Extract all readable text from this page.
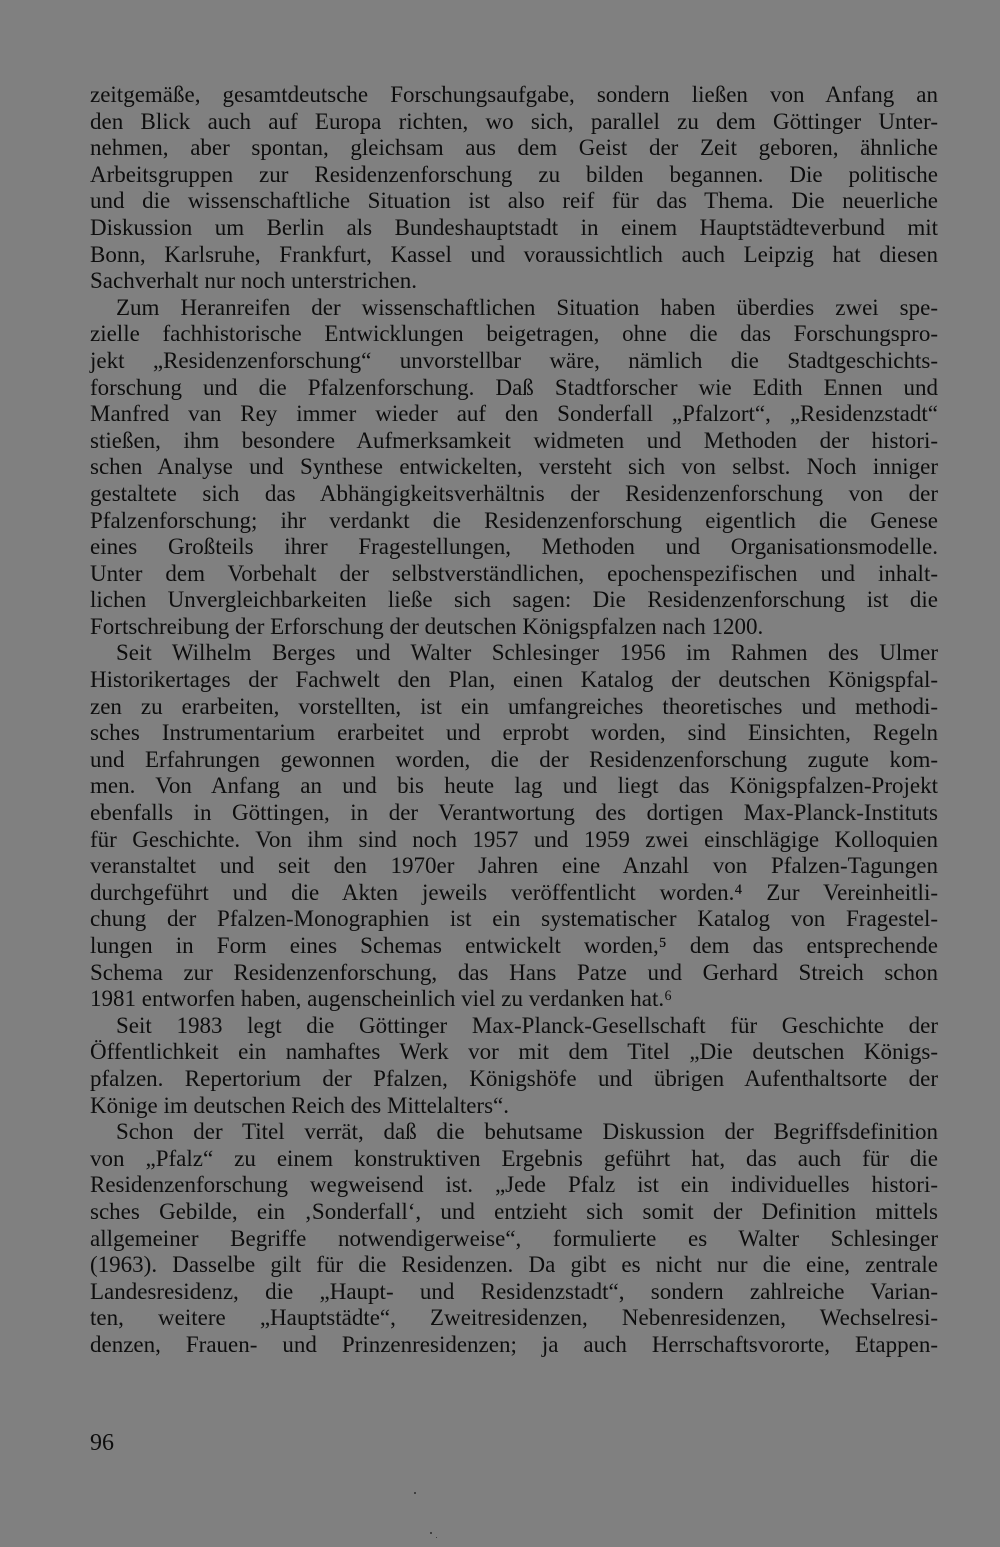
zeitgemäße, gesamtdeutsche Forschungsaufgabe, sondern ließen von Anfang an
den Blick auch auf Europa richten, wo sich, parallel zu dem Göttinger Unter-
nehmen, aber spontan, gleichsam aus dem Geist der Zeit geboren, ähnliche
Arbeitsgruppen zur Residenzenforschung zu bilden begannen. Die politische
und die wissenschaftliche Situation ist also reif für das Thema. Die neuerliche
Diskussion um Berlin als Bundeshauptstadt in einem Hauptstädteverbund mit
Bonn, Karlsruhe, Frankfurt, Kassel und voraussichtlich auch Leipzig hat diesen
Sachverhalt nur noch unterstrichen.
Zum Heranreifen der wissenschaftlichen Situation haben überdies zwei spe-
zielle fachhistorische Entwicklungen beigetragen, ohne die das Forschungspro-
jekt „Residenzenforschung“ unvorstellbar wäre, nämlich die Stadtgeschichts-
forschung und die Pfalzenforschung. Daß Stadtforscher wie Edith Ennen und
Manfred van Rey immer wieder auf den Sonderfall „Pfalzort“, „Residenzstadt“
stießen, ihm besondere Aufmerksamkeit widmeten und Methoden der histori-
schen Analyse und Synthese entwickelten, versteht sich von selbst. Noch inniger
gestaltete sich das Abhängigkeitsverhältnis der Residenzenforschung von der
Pfalzenforschung; ihr verdankt die Residenzenforschung eigentlich die Genese
eines Großteils ihrer Fragestellungen, Methoden und Organisationsmodelle.
Unter dem Vorbehalt der selbstverständlichen, epochenspezifischen und inhalt-
lichen Unvergleichbarkeiten ließe sich sagen: Die Residenzenforschung ist die
Fortschreibung der Erforschung der deutschen Königspfalzen nach 1200.
Seit Wilhelm Berges und Walter Schlesinger 1956 im Rahmen des Ulmer
Historikertages der Fachwelt den Plan, einen Katalog der deutschen Königspfal-
zen zu erarbeiten, vorstellten, ist ein umfangreiches theoretisches und methodi-
sches Instrumentarium erarbeitet und erprobt worden, sind Einsichten, Regeln
und Erfahrungen gewonnen worden, die der Residenzenforschung zugute kom-
men. Von Anfang an und bis heute lag und liegt das Königspfalzen-Projekt
ebenfalls in Göttingen, in der Verantwortung des dortigen Max-Planck-Instituts
für Geschichte. Von ihm sind noch 1957 und 1959 zwei einschlägige Kolloquien
veranstaltet und seit den 1970er Jahren eine Anzahl von Pfalzen-Tagungen
durchgeführt und die Akten jeweils veröffentlicht worden.⁴ Zur Vereinheitli-
chung der Pfalzen-Monographien ist ein systematischer Katalog von Fragestel-
lungen in Form eines Schemas entwickelt worden,⁵ dem das entsprechende
Schema zur Residenzenforschung, das Hans Patze und Gerhard Streich schon
1981 entworfen haben, augenscheinlich viel zu verdanken hat.⁶
Seit 1983 legt die Göttinger Max-Planck-Gesellschaft für Geschichte der
Öffentlichkeit ein namhaftes Werk vor mit dem Titel „Die deutschen Königs-
pfalzen. Repertorium der Pfalzen, Königshöfe und übrigen Aufenthaltsorte der
Könige im deutschen Reich des Mittelalters“.
Schon der Titel verrät, daß die behutsame Diskussion der Begriffsdefinition
von „Pfalz“ zu einem konstruktiven Ergebnis geführt hat, das auch für die
Residenzenforschung wegweisend ist. „Jede Pfalz ist ein individuelles histori-
sches Gebilde, ein ‚Sonderfall‘, und entzieht sich somit der Definition mittels
allgemeiner Begriffe notwendigerweise“, formulierte es Walter Schlesinger
(1963). Dasselbe gilt für die Residenzen. Da gibt es nicht nur die eine, zentrale
Landesresidenz, die „Haupt- und Residenzstadt“, sondern zahlreiche Varian-
ten, weitere „Hauptstädte“, Zweitresidenzen, Nebenresidenzen, Wechselresi-
denzen, Frauen- und Prinzenresidenzen; ja auch Herrschaftsvororte, Etappen-
96
